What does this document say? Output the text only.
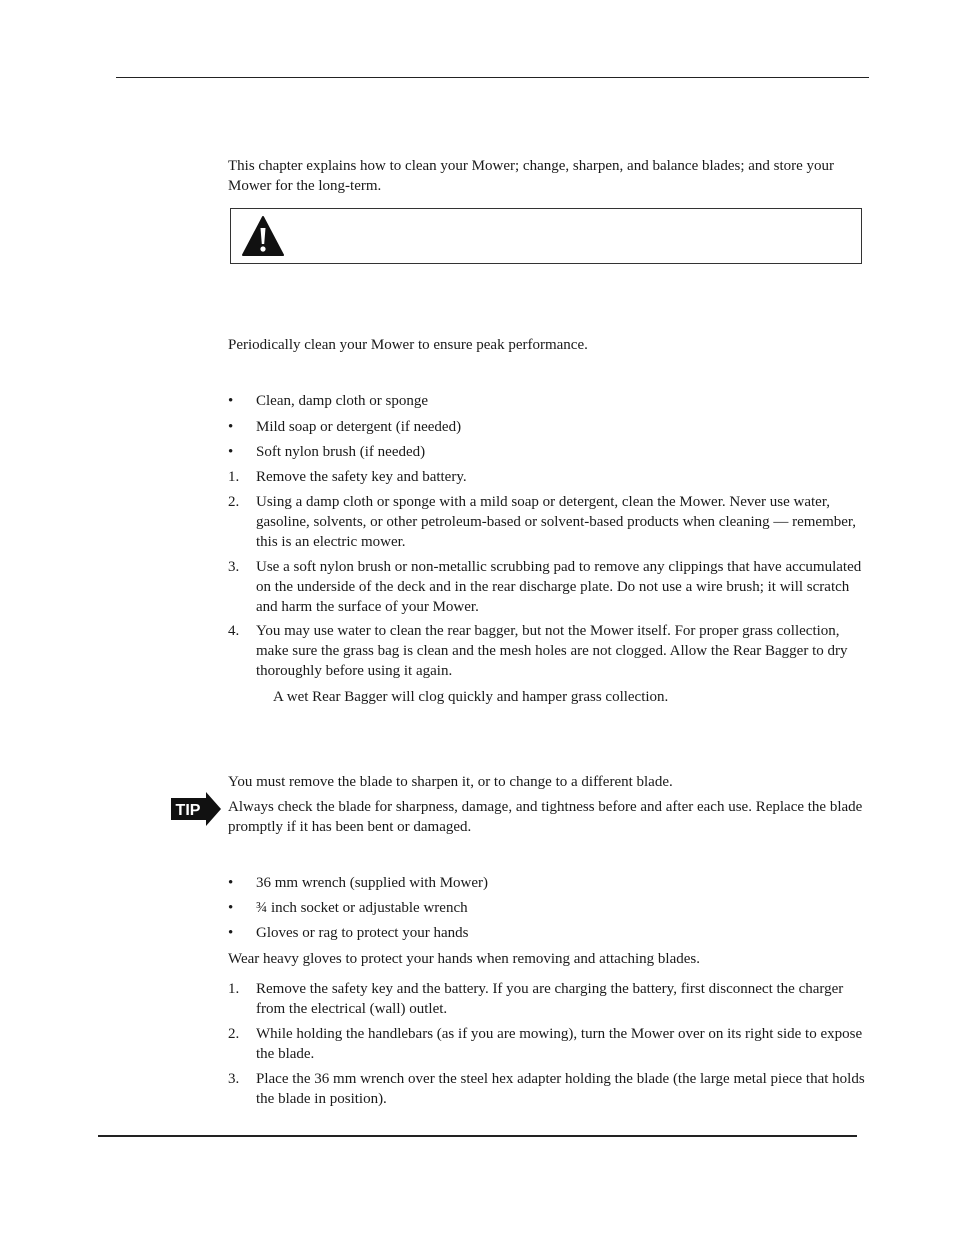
This chapter explains how to clean your Mower; change, sharpen, and balance blades; and store your Mower for the long-term.

Periodically clean your Mower to ensure peak performance.

•	Clean, damp cloth or sponge
•	Mild soap or detergent (if needed)
•	Soft nylon brush (if needed)
1.	Remove the safety key and battery.
2.	Using a damp cloth or sponge with a mild soap or detergent, clean the Mower. Never use water, gasoline, solvents, or other petroleum-based or solvent-based products when cleaning — remember, this is an electric mower.
3.	Use a soft nylon brush or non-metallic scrubbing pad to remove any clippings that have accumulated on the underside of the deck and in the rear discharge plate. Do not use a wire brush; it will scratch and harm the surface of your Mower.
4.	You may use water to clean the rear bagger, but not the Mower itself. For proper grass collection, make sure the grass bag is clean and the mesh holes are not clogged. Allow the Rear Bagger to dry thoroughly before using it again.
A wet Rear Bagger will clog quickly and hamper grass collection.

You must remove the blade to sharpen it, or to change to a different blade.

TIP Always check the blade for sharpness, damage, and tightness before and after each use. Replace the blade promptly if it has been bent or damaged.

•	36 mm wrench (supplied with Mower)
•	¾ inch socket or adjustable wrench
•	Gloves or rag to protect your hands

Wear heavy gloves to protect your hands when removing and attaching blades.

1.	Remove the safety key and the battery. If you are charging the battery, first disconnect the charger from the electrical (wall) outlet.
2.	While holding the handlebars (as if you are mowing), turn the Mower over on its right side to expose the blade.
3.	Place the 36 mm wrench over the steel hex adapter holding the blade (the large metal piece that holds the blade in position).
